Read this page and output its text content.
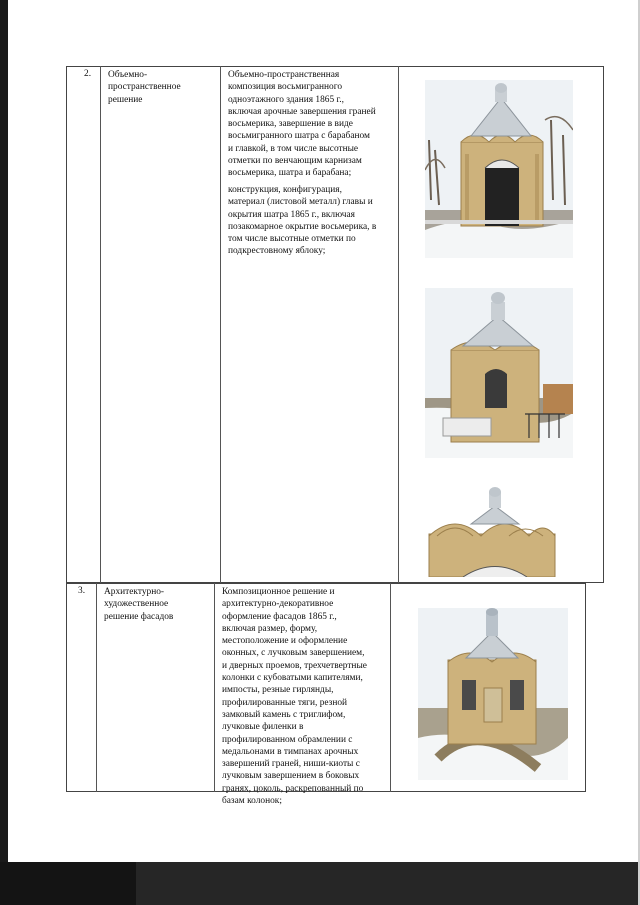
2. Объемно-
пространственное
решение
Объемно-пространственная
композиция восьмигранного
одноэтажного здания 1865 г.,
включая арочные завершения граней
восьмерика, завершение в виде
восьмигранного шатра с барабаном
и главкой, в том числе высотные
отметки по венчающим карнизам
восьмерика, шатра и барабана;
конструкция, конфигурация,
материал (листовой металл) главы и
окрытия шатра 1865 г., включая
позакомарное окрытие восьмерика, в
том числе высотные отметки по
подкрестовному яблоку;
3. Архитектурно-
художественное
решение фасадов
Композиционное решение и
архитектурно-декоративное
оформление фасадов 1865 г.,
включая размер, форму,
местоположение и оформление
оконных, с лучковым завершением,
и дверных проемов, трехчетвертные
колонки с кубоватыми капителями,
импосты, резные гирлянды,
профилированные тяги, резной
замковый камень с триглифом,
лучковые филенки в
профилированном обрамлении с
медальонами в тимпанах арочных
завершений граней, ниши-киоты с
лучковым завершением в боковых
гранях, цоколь, раскрепованный по
базам колонок;
